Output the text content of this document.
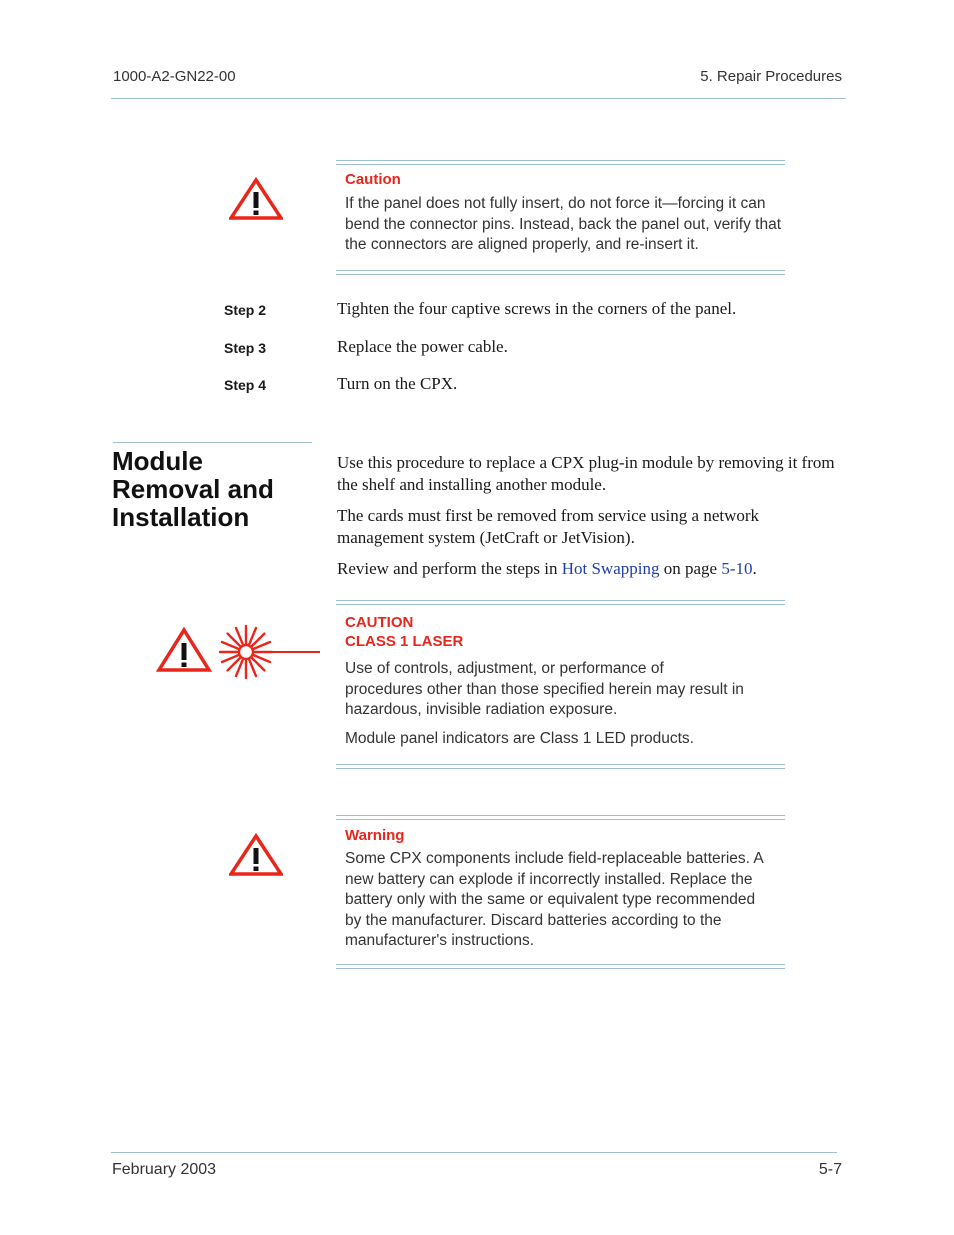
1000-A2-GN22-00	5. Repair Procedures
Caution
If the panel does not fully insert, do not force it—forcing it can bend the connector pins. Instead, back the panel out, verify that the connectors are aligned properly, and re-insert it.
Step 2	Tighten the four captive screws in the corners of the panel.
Step 3	Replace the power cable.
Step 4	Turn on the CPX.
Module Removal and Installation

Use this procedure to replace a CPX plug-in module by removing it from the shelf and installing another module.

The cards must first be removed from service using a network management system (JetCraft or JetVision).

Review and perform the steps in Hot Swapping on page 5-10.

CAUTION
CLASS 1 LASER
Use of controls, adjustment, or performance of procedures other than those specified herein may result in hazardous, invisible radiation exposure.
Module panel indicators are Class 1 LED products.
Warning
Some CPX components include field-replaceable batteries. A new battery can explode if incorrectly installed. Replace the battery only with the same or equivalent type recommended by the manufacturer. Discard batteries according to the manufacturer's instructions.
February 2003	5-7
